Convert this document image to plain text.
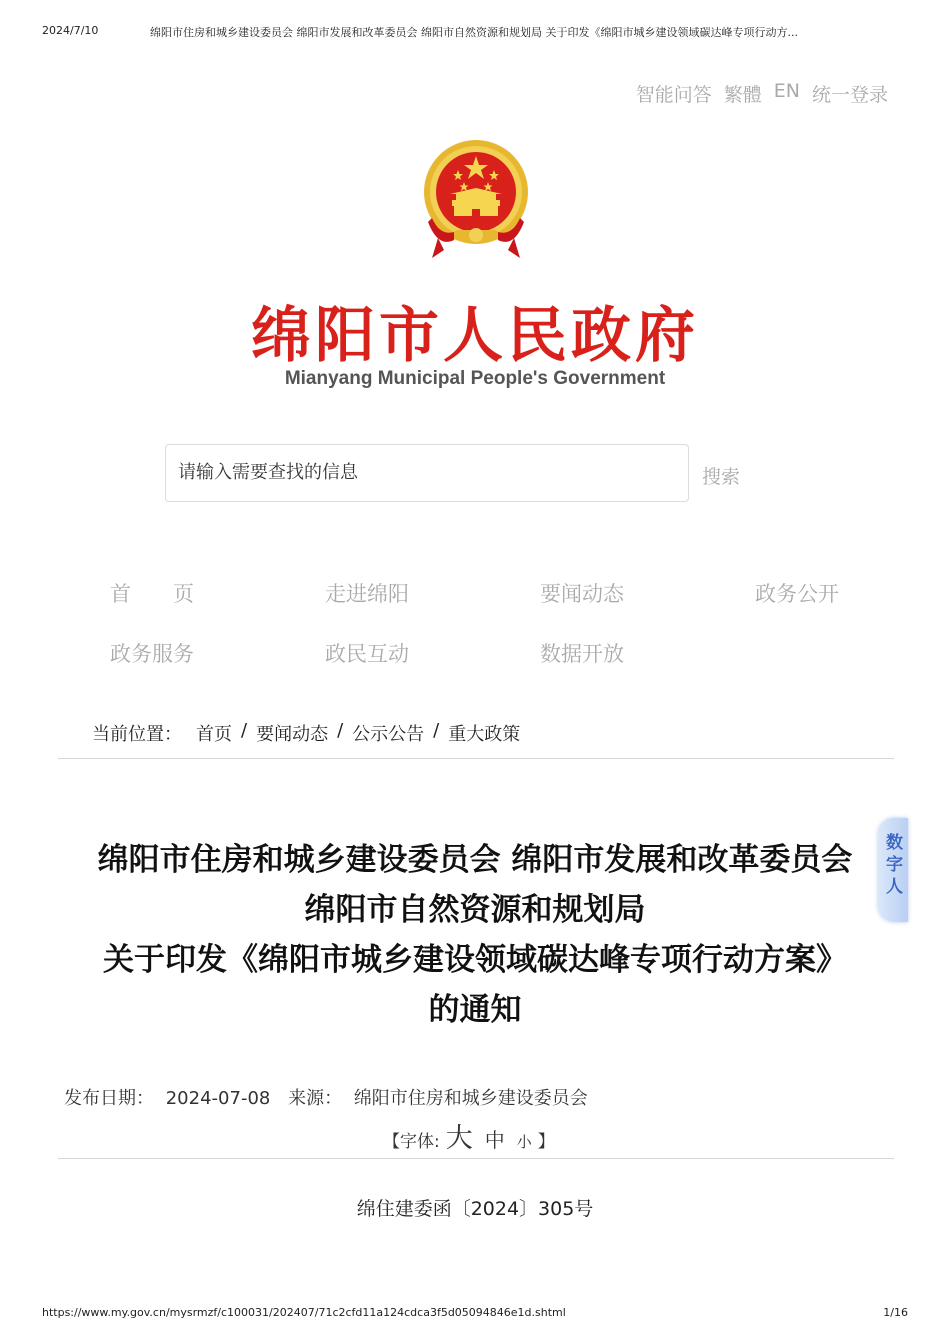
2024/7/10	绵阳市住房和城乡建设委员会 绵阳市发展和改革委员会 绵阳市自然资源和规划局 关于印发《绵阳市城乡建设领域碳达峰专项行动方...
智能问答 繁體 EN 统一登录
绵阳市人民政府
Mianyang Municipal People's Government
请输入需要查找的信息	搜索
首　　页	走进绵阳	要闻动态	政务公开
政务服务	政民互动	数据开放
当前位置： 首页 / 要闻动态 / 公示公告 / 重大政策
绵阳市住房和城乡建设委员会 绵阳市发展和改革委员会
绵阳市自然资源和规划局
关于印发《绵阳市城乡建设领域碳达峰专项行动方案》
的通知
发布日期： 2024-07-08 来源： 绵阳市住房和城乡建设委员会
【字体: 大 中 小 】
绵住建委函〔2024〕305号
数字人
https://www.my.gov.cn/mysrmzf/c100031/202407/71c2cfd11a124cdca3f5d05094846e1d.shtml	1/16
